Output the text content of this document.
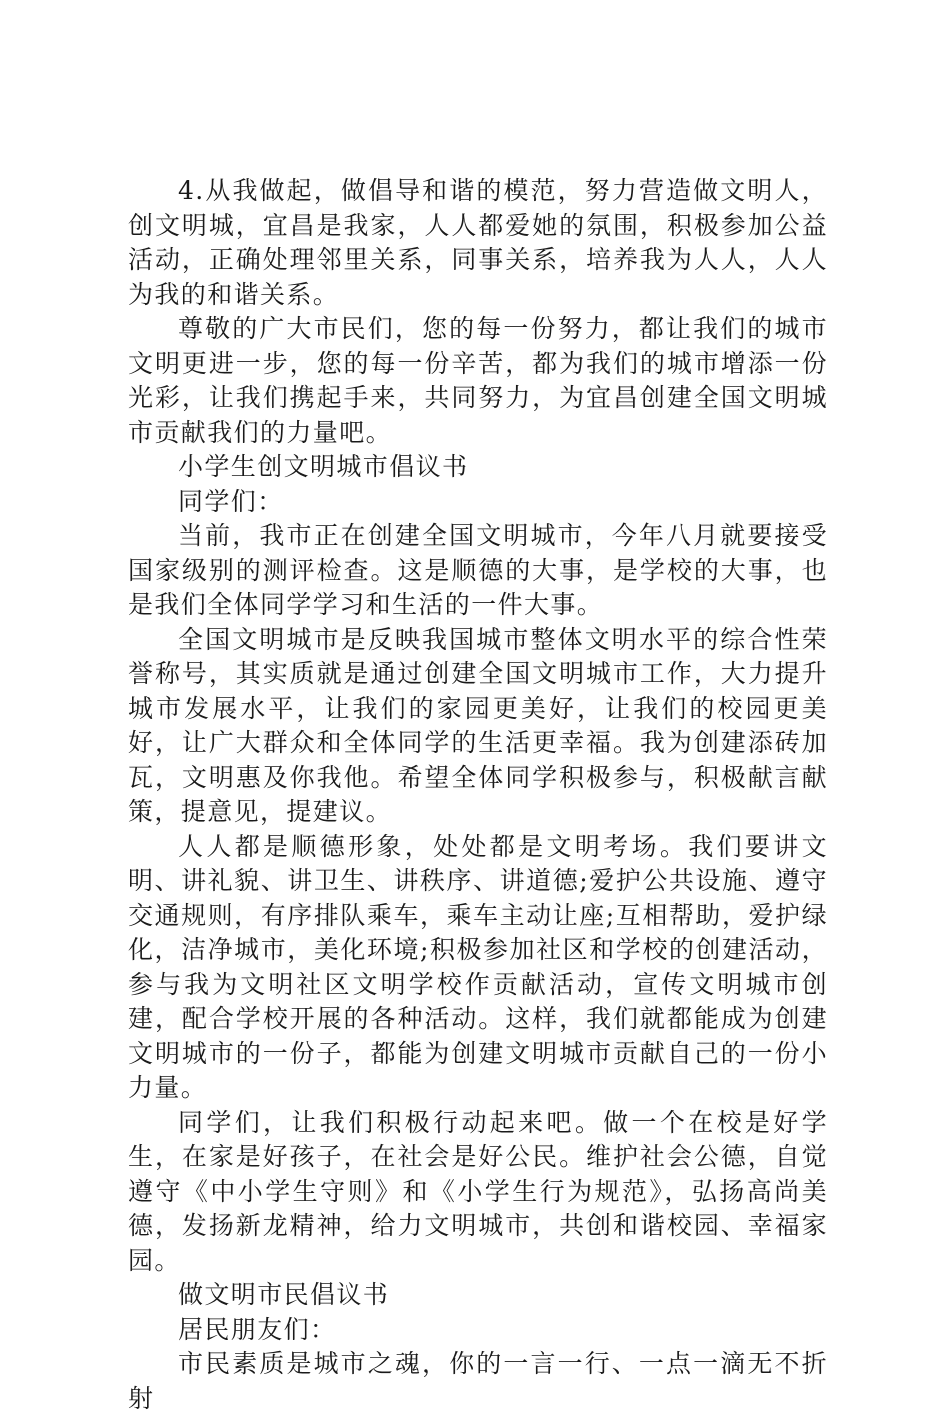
4.从我做起，做倡导和谐的模范，努力营造做文明人，创文明城，宜昌是我家，人人都爱她的氛围，积极参加公益活动，正确处理邻里关系，同事关系，培养我为人人，人人为我的和谐关系。

尊敬的广大市民们，您的每一份努力，都让我们的城市文明更进一步，您的每一份辛苦，都为我们的城市增添一份光彩，让我们携起手来，共同努力，为宜昌创建全国文明城市贡献我们的力量吧。

小学生创文明城市倡议书

同学们：

当前，我市正在创建全国文明城市，今年八月就要接受国家级别的测评检查。这是顺德的大事，是学校的大事，也是我们全体同学学习和生活的一件大事。

全国文明城市是反映我国城市整体文明水平的综合性荣誉称号，其实质就是通过创建全国文明城市工作，大力提升城市发展水平，让我们的家园更美好，让我们的校园更美好，让广大群众和全体同学的生活更幸福。我为创建添砖加瓦，文明惠及你我他。希望全体同学积极参与，积极献言献策，提意见，提建议。

人人都是顺德形象，处处都是文明考场。我们要讲文明、讲礼貌、讲卫生、讲秩序、讲道德;爱护公共设施、遵守交通规则，有序排队乘车，乘车主动让座;互相帮助，爱护绿化，洁净城市，美化环境;积极参加社区和学校的创建活动，参与我为文明社区文明学校作贡献活动，宣传文明城市创建，配合学校开展的各种活动。这样，我们就都能成为创建文明城市的一份子，都能为创建文明城市贡献自己的一份小力量。

同学们，让我们积极行动起来吧。做一个在校是好学生，在家是好孩子，在社会是好公民。维护社会公德，自觉遵守《中小学生守则》和《小学生行为规范》，弘扬高尚美德，发扬新龙精神，给力文明城市，共创和谐校园、幸福家园。

做文明市民倡议书

居民朋友们：

市民素质是城市之魂，你的一言一行、一点一滴无不折射
